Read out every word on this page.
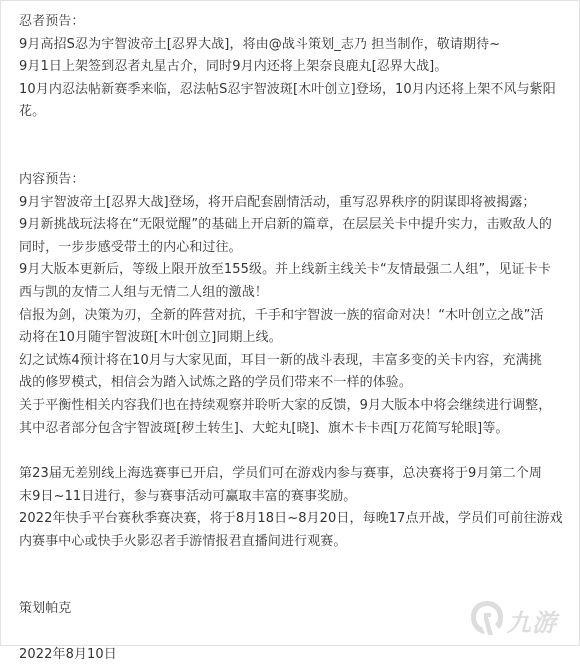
忍者预告：

9月高招S忍为宇智波帝土[忍界大战]，将由@战斗策划_志乃 担当制作，敬请期待~

9月1日上架签到忍者丸星古介，同时9月内还将上架奈良鹿丸[忍界大战]。

10月内忍法帖新赛季来临，忍法帖S忍宇智波斑[木叶创立]登场，10月内还将上架不风与紫阳

花。

内容预告：

9月宇智波帝土[忍界大战]登场，将开启配套剧情活动，重写忍界秩序的阴谋即将被揭露；

9月新挑战玩法将在“无限觉醒”的基础上开启新的篇章，在层层关卡中提升实力，击败敌人的

同时，一步步感受带土的内心和过往。

9月大版本更新后，等级上限开放至155级。并上线新主线关卡“友情最强二人组”，见证卡卡

西与凯的友情二人组与无情二人组的激战！

信报为剑，决策为刃，全新的阵营对抗，千手和宇智波一族的宿命对决！“木叶创立之战”活

动将在10月随宇智波斑[木叶创立]同期上线。

幻之试炼4预计将在10月与大家见面，耳目一新的战斗表现，丰富多变的关卡内容，充满挑

战的修罗模式，相信会为踏入试炼之路的学员们带来不一样的体验。

关于平衡性相关内容我们也在持续观察并聆听大家的反馈，9月大版本中将会继续进行调整，

其中忍者部分包含宇智波斑[秽土转生]、大蛇丸[晓]、旗木卡卡西[万花简写轮眼]等。

第23届无差别线上海选赛事已开启，学员们可在游戏内参与赛事，总决赛将于9月第二个周

末9日~11日进行，参与赛事活动可赢取丰富的赛事奖励。

2022年快手平台赛秋季赛决赛，将于8月18日~8月20日，每晚17点开战，学员们可前往游戏

内赛事中心或快手火影忍者手游情报君直播间进行观赛。

策划帕克

2022年8月10日

九游
